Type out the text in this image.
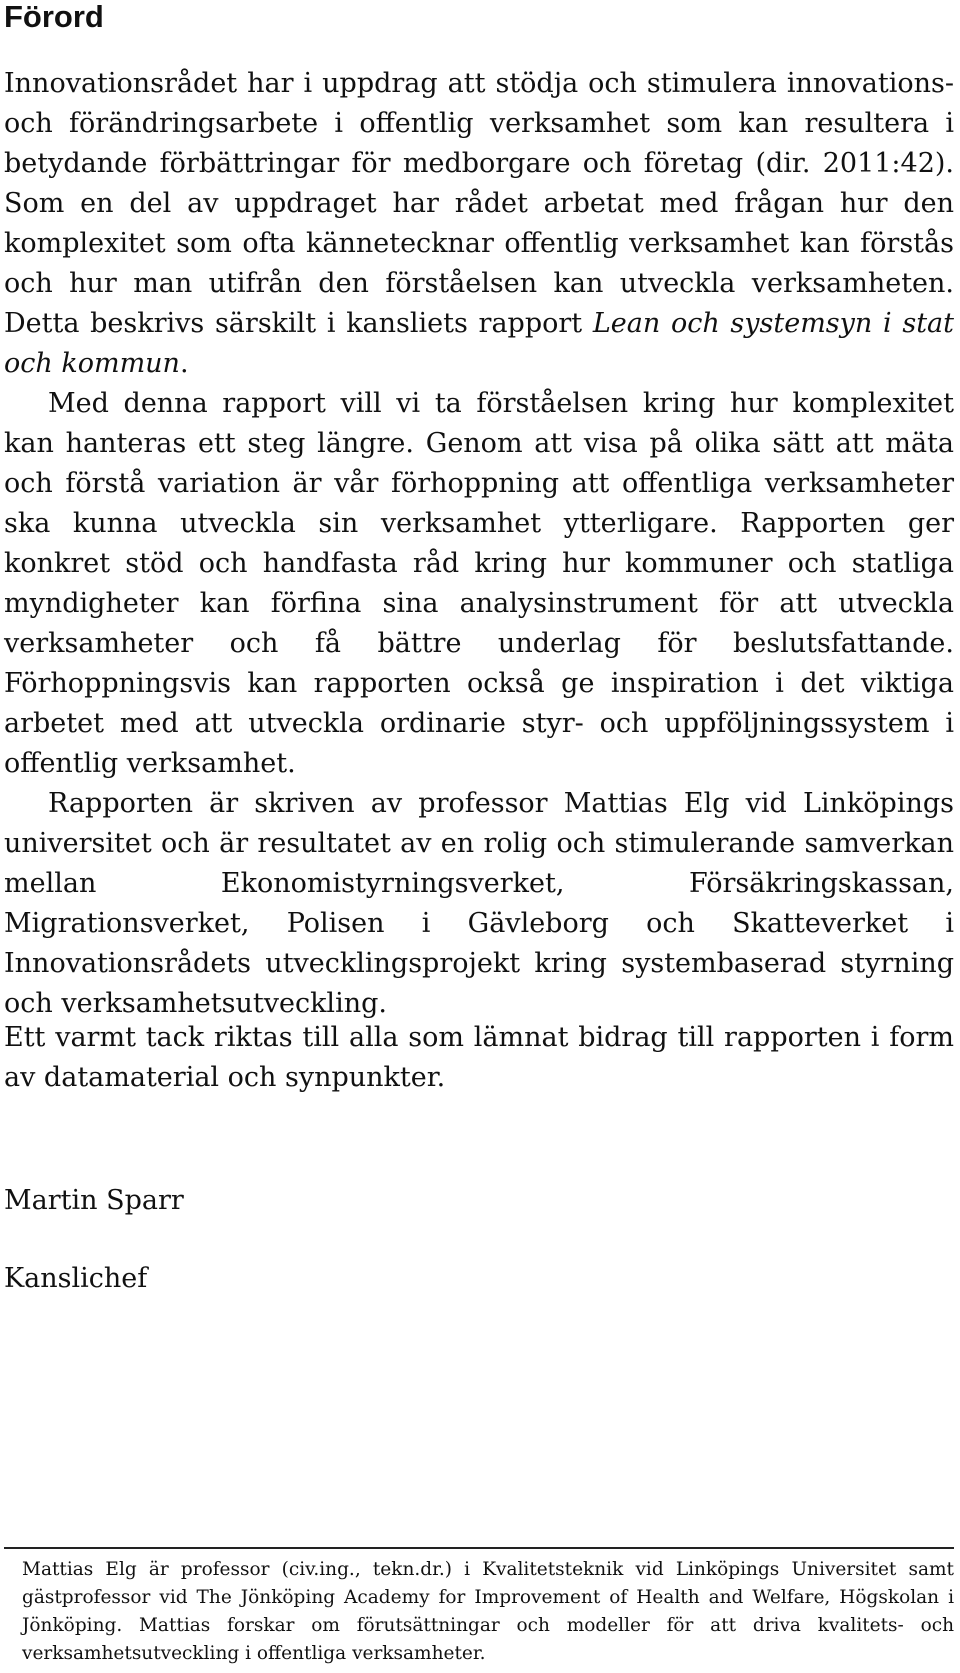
Förord

Innovationsrådet har i uppdrag att stödja och stimulera innovations- och förändringsarbete i offentlig verksamhet som kan resultera i betydande förbättringar för medborgare och företag (dir. 2011:42). Som en del av uppdraget har rådet arbetat med frågan hur den komplexitet som ofta kännetecknar offentlig verksamhet kan förstås och hur man utifrån den förståelsen kan utveckla verksamheten. Detta beskrivs särskilt i kansliets rapport Lean och systemsyn i stat och kommun.

Med denna rapport vill vi ta förståelsen kring hur komplexitet kan hanteras ett steg längre. Genom att visa på olika sätt att mäta och förstå variation är vår förhoppning att offentliga verksamheter ska kunna utveckla sin verksamhet ytterligare. Rapporten ger konkret stöd och handfasta råd kring hur kommuner och statliga myndigheter kan förfina sina analysinstrument för att utveckla verksamheter och få bättre underlag för beslutsfattande. Förhoppningsvis kan rapporten också ge inspiration i det viktiga arbetet med att utveckla ordinarie styr- och uppföljningssystem i offentlig verksamhet.

Rapporten är skriven av professor Mattias Elg vid Linköpings universitet och är resultatet av en rolig och stimulerande samverkan mellan Ekonomistyrningsverket, Försäkringskassan, Migrationsverket, Polisen i Gävleborg och Skatteverket i Innovationsrådets utvecklingsprojekt kring systembaserad styrning och verksamhetsutveckling.

Ett varmt tack riktas till alla som lämnat bidrag till rapporten i form av datamaterial och synpunkter.

Martin Sparr

Kanslichef

Mattias Elg är professor (civ.ing., tekn.dr.) i Kvalitetsteknik vid Linköpings Universitet samt gästprofessor vid The Jönköping Academy for Improvement of Health and Welfare, Högskolan i Jönköping. Mattias forskar om förutsättningar och modeller för att driva kvalitets- och verksamhetsutveckling i offentliga verksamheter.
